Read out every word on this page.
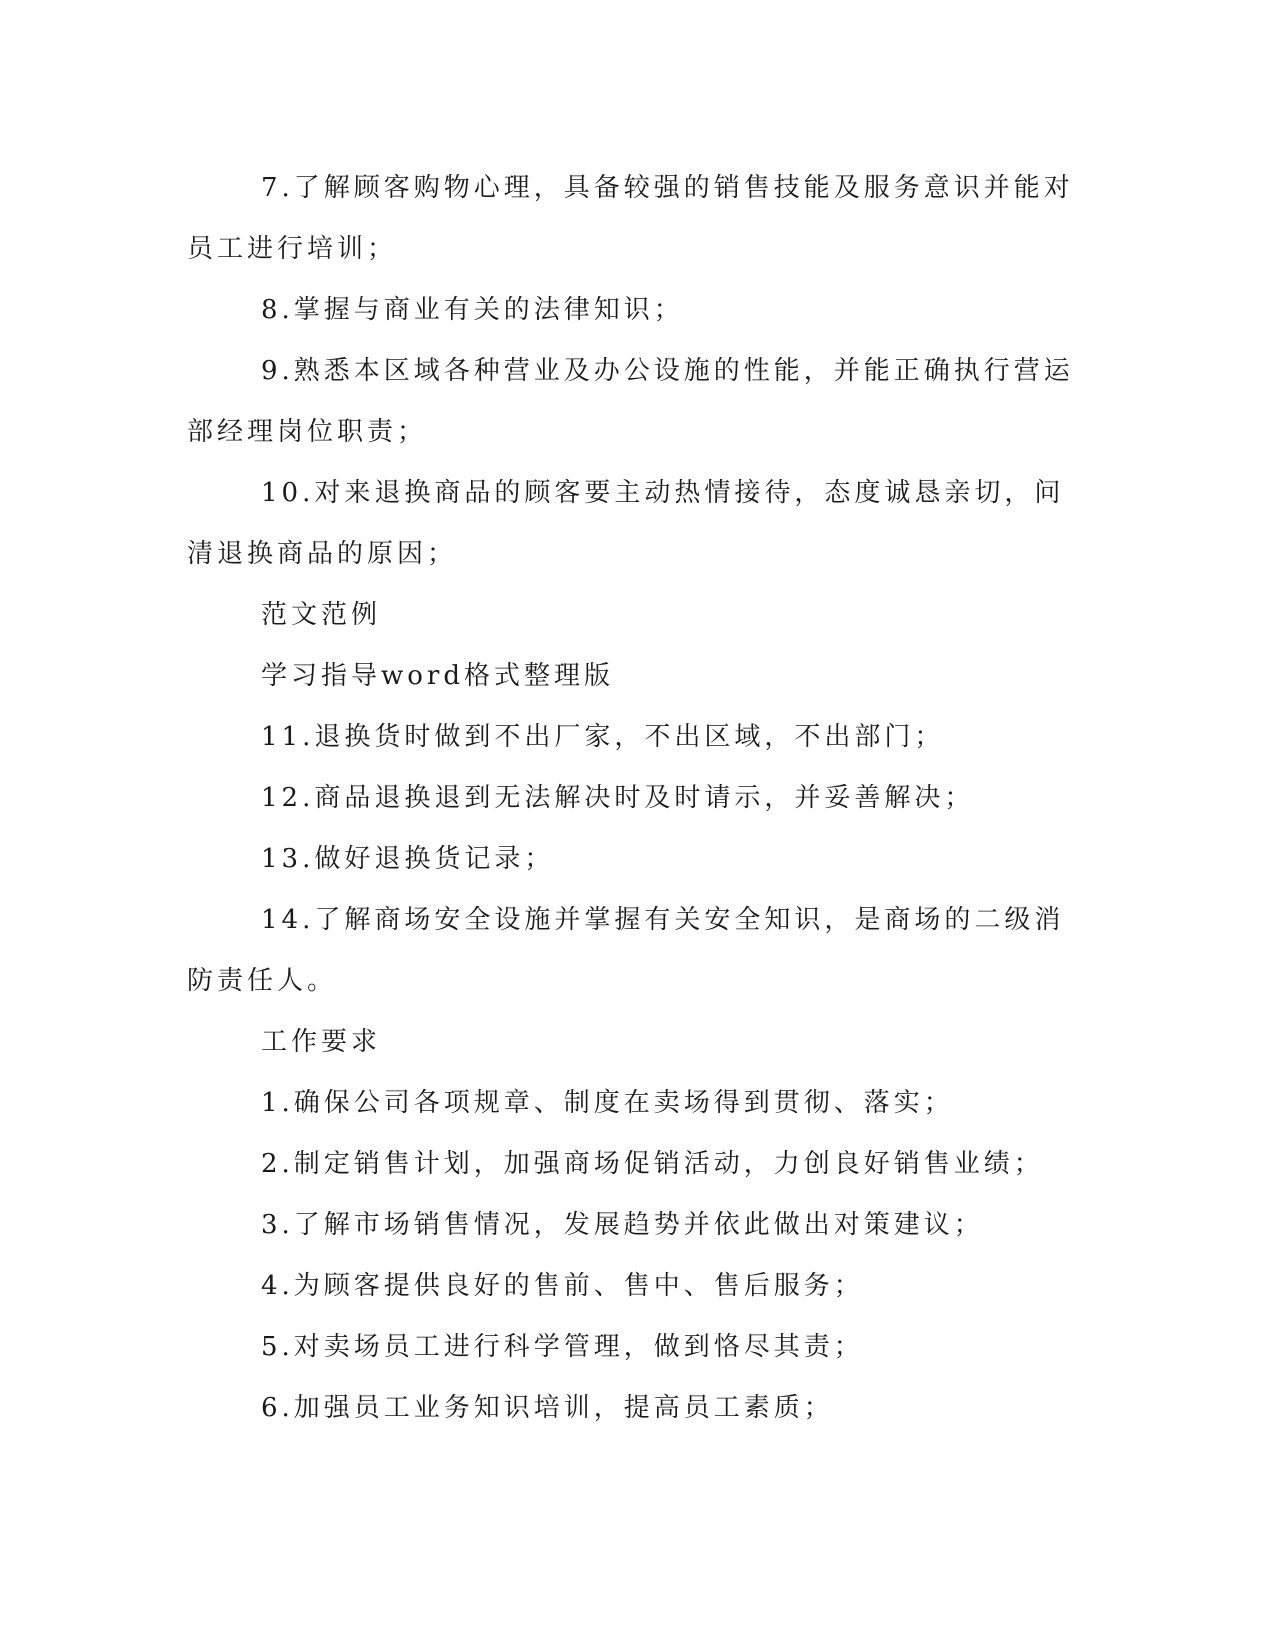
7.了解顾客购物心理，具备较强的销售技能及服务意识并能对员工进行培训；

8.掌握与商业有关的法律知识；

9.熟悉本区域各种营业及办公设施的性能，并能正确执行营运部经理岗位职责；

10.对来退换商品的顾客要主动热情接待，态度诚恳亲切，问清退换商品的原因；

范文范例

学习指导word格式整理版

11.退换货时做到不出厂家，不出区域，不出部门；

12.商品退换退到无法解决时及时请示，并妥善解决；

13.做好退换货记录；

14.了解商场安全设施并掌握有关安全知识，是商场的二级消防责任人。

工作要求

1.确保公司各项规章、制度在卖场得到贯彻、落实；

2.制定销售计划，加强商场促销活动，力创良好销售业绩；

3.了解市场销售情况，发展趋势并依此做出对策建议；

4.为顾客提供良好的售前、售中、售后服务；

5.对卖场员工进行科学管理，做到恪尽其责；

6.加强员工业务知识培训，提高员工素质；
